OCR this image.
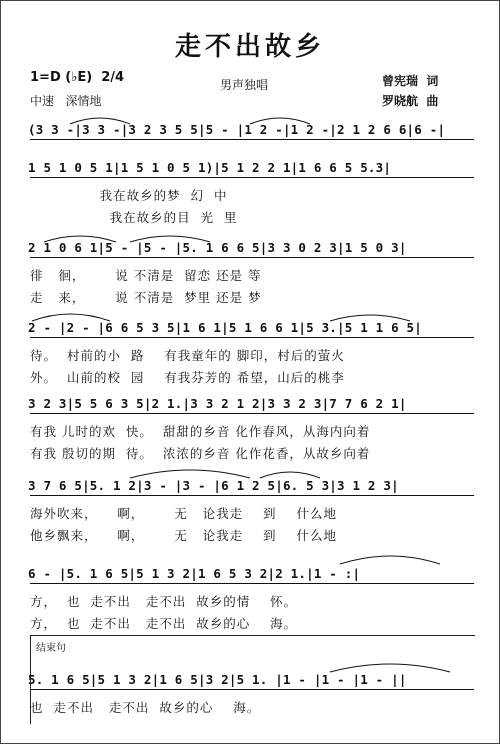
走不出故乡
1=D (♭E)  2/4
中速   深情地
男声独唱	曾宪瑞  词
罗晓航  曲
(3 3 -|3 3 -|3 2 3 5 5|5 - |1 2 -|1 2 -|2 1 2 6 6|6 -|
1 5 1 0 5 1|1 5 1 0 5 1)|5 1 2 2 1|1 6 6 5 5.3|
我在故乡的梦  幻  中
我在故乡的目  光  里
2 1 0 6 1|5 - |5 - |5. 1 6 6 5|3 3 0 2 3|1 5 0 3|
徘   徊，      说 不清是  留恋 还是 等
走   来，      说 不清是  梦里 还是 梦
2 - |2 - |6 6 5 3 5|1 6 1|5 1 6 6 1|5 3.|5 1 1 6 5|
待。  村前的小  路    有我童年的 脚印，村后的萤火
外。  山前的校  园    有我芬芳的 希望，山后的桃李
3 2 3|5 5 6 3 5|2 1.|3 3 2 1 2|3 3 2 3|7 7 6 2 1|
有我 儿时的欢  快。  甜甜的乡音 化作春风，从海内向着
有我 殷切的期  待。  浓浓的乡音 化作花香，从故乡向着
3 7 6 5|5. 1 2|3 - |3 - |6 1 2 5|6. 5 3|3 1 2 3|
海外吹来，    啊，      无   论我走    到    什么地
他乡飘来，    啊，      无   论我走    到    什么地
6 - |5. 1 6 5|5 1 3 2|1 6 5 3 2|2 1.|1 - :|
方，  也  走不出   走不出  故乡的情    怀。
方，  也  走不出   走不出  故乡的心    海。
结束句
5. 1 6 5|5 1 3 2|1 6 5|3 2|5 1. |1 - |1 - |1 - ||
也  走不出   走不出  故乡的心    海。
